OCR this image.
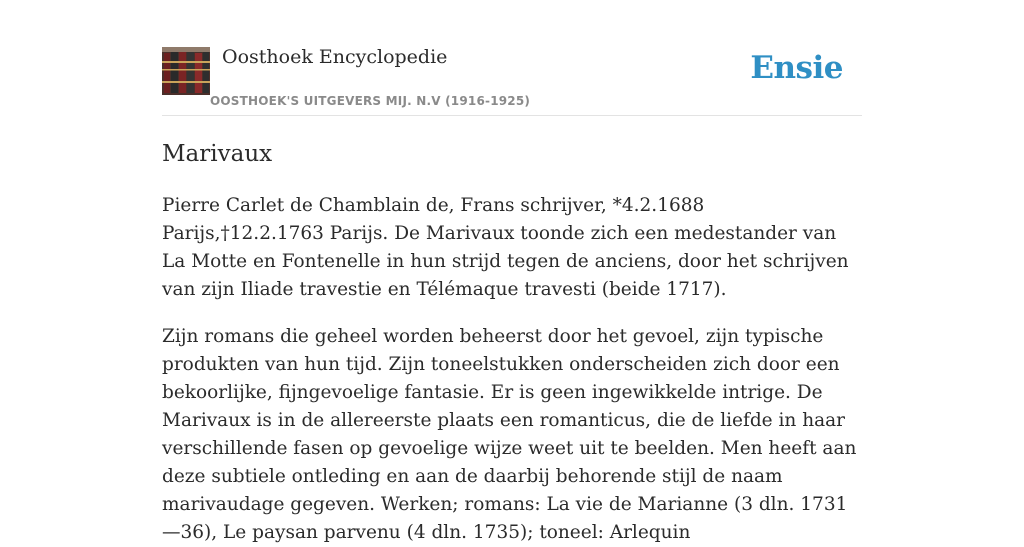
Oosthoek Encyclopedie
OOSTHOEK'S UITGEVERS MIJ. N.V (1916-1925)
Ensie
Marivaux

Pierre Carlet de Chamblain de, Frans schrijver, *4.2.1688 Parijs,†12.2.1763 Parijs. De Marivaux toonde zich een medestander van La Motte en Fontenelle in hun strijd tegen de anciens, door het schrijven van zijn Iliade travestie en Télémaque travesti (beide 1717).

Zijn romans die geheel worden beheerst door het gevoel, zijn typische produkten van hun tijd. Zijn toneelstukken onderscheiden zich door een bekoorlijke, fijngevoelige fantasie. Er is geen ingewikkelde intrige. De Marivaux is in de allereerste plaats een romanticus, die de liefde in haar verschillende fasen op gevoelige wijze weet uit te beelden. Men heeft aan deze subtiele ontleding en aan de daarbij behorende stijl de naam marivaudage gegeven. Werken; romans: La vie de Marianne (3 dln. 1731—36), Le paysan parvenu (4 dln. 1735); toneel: Arlequin
